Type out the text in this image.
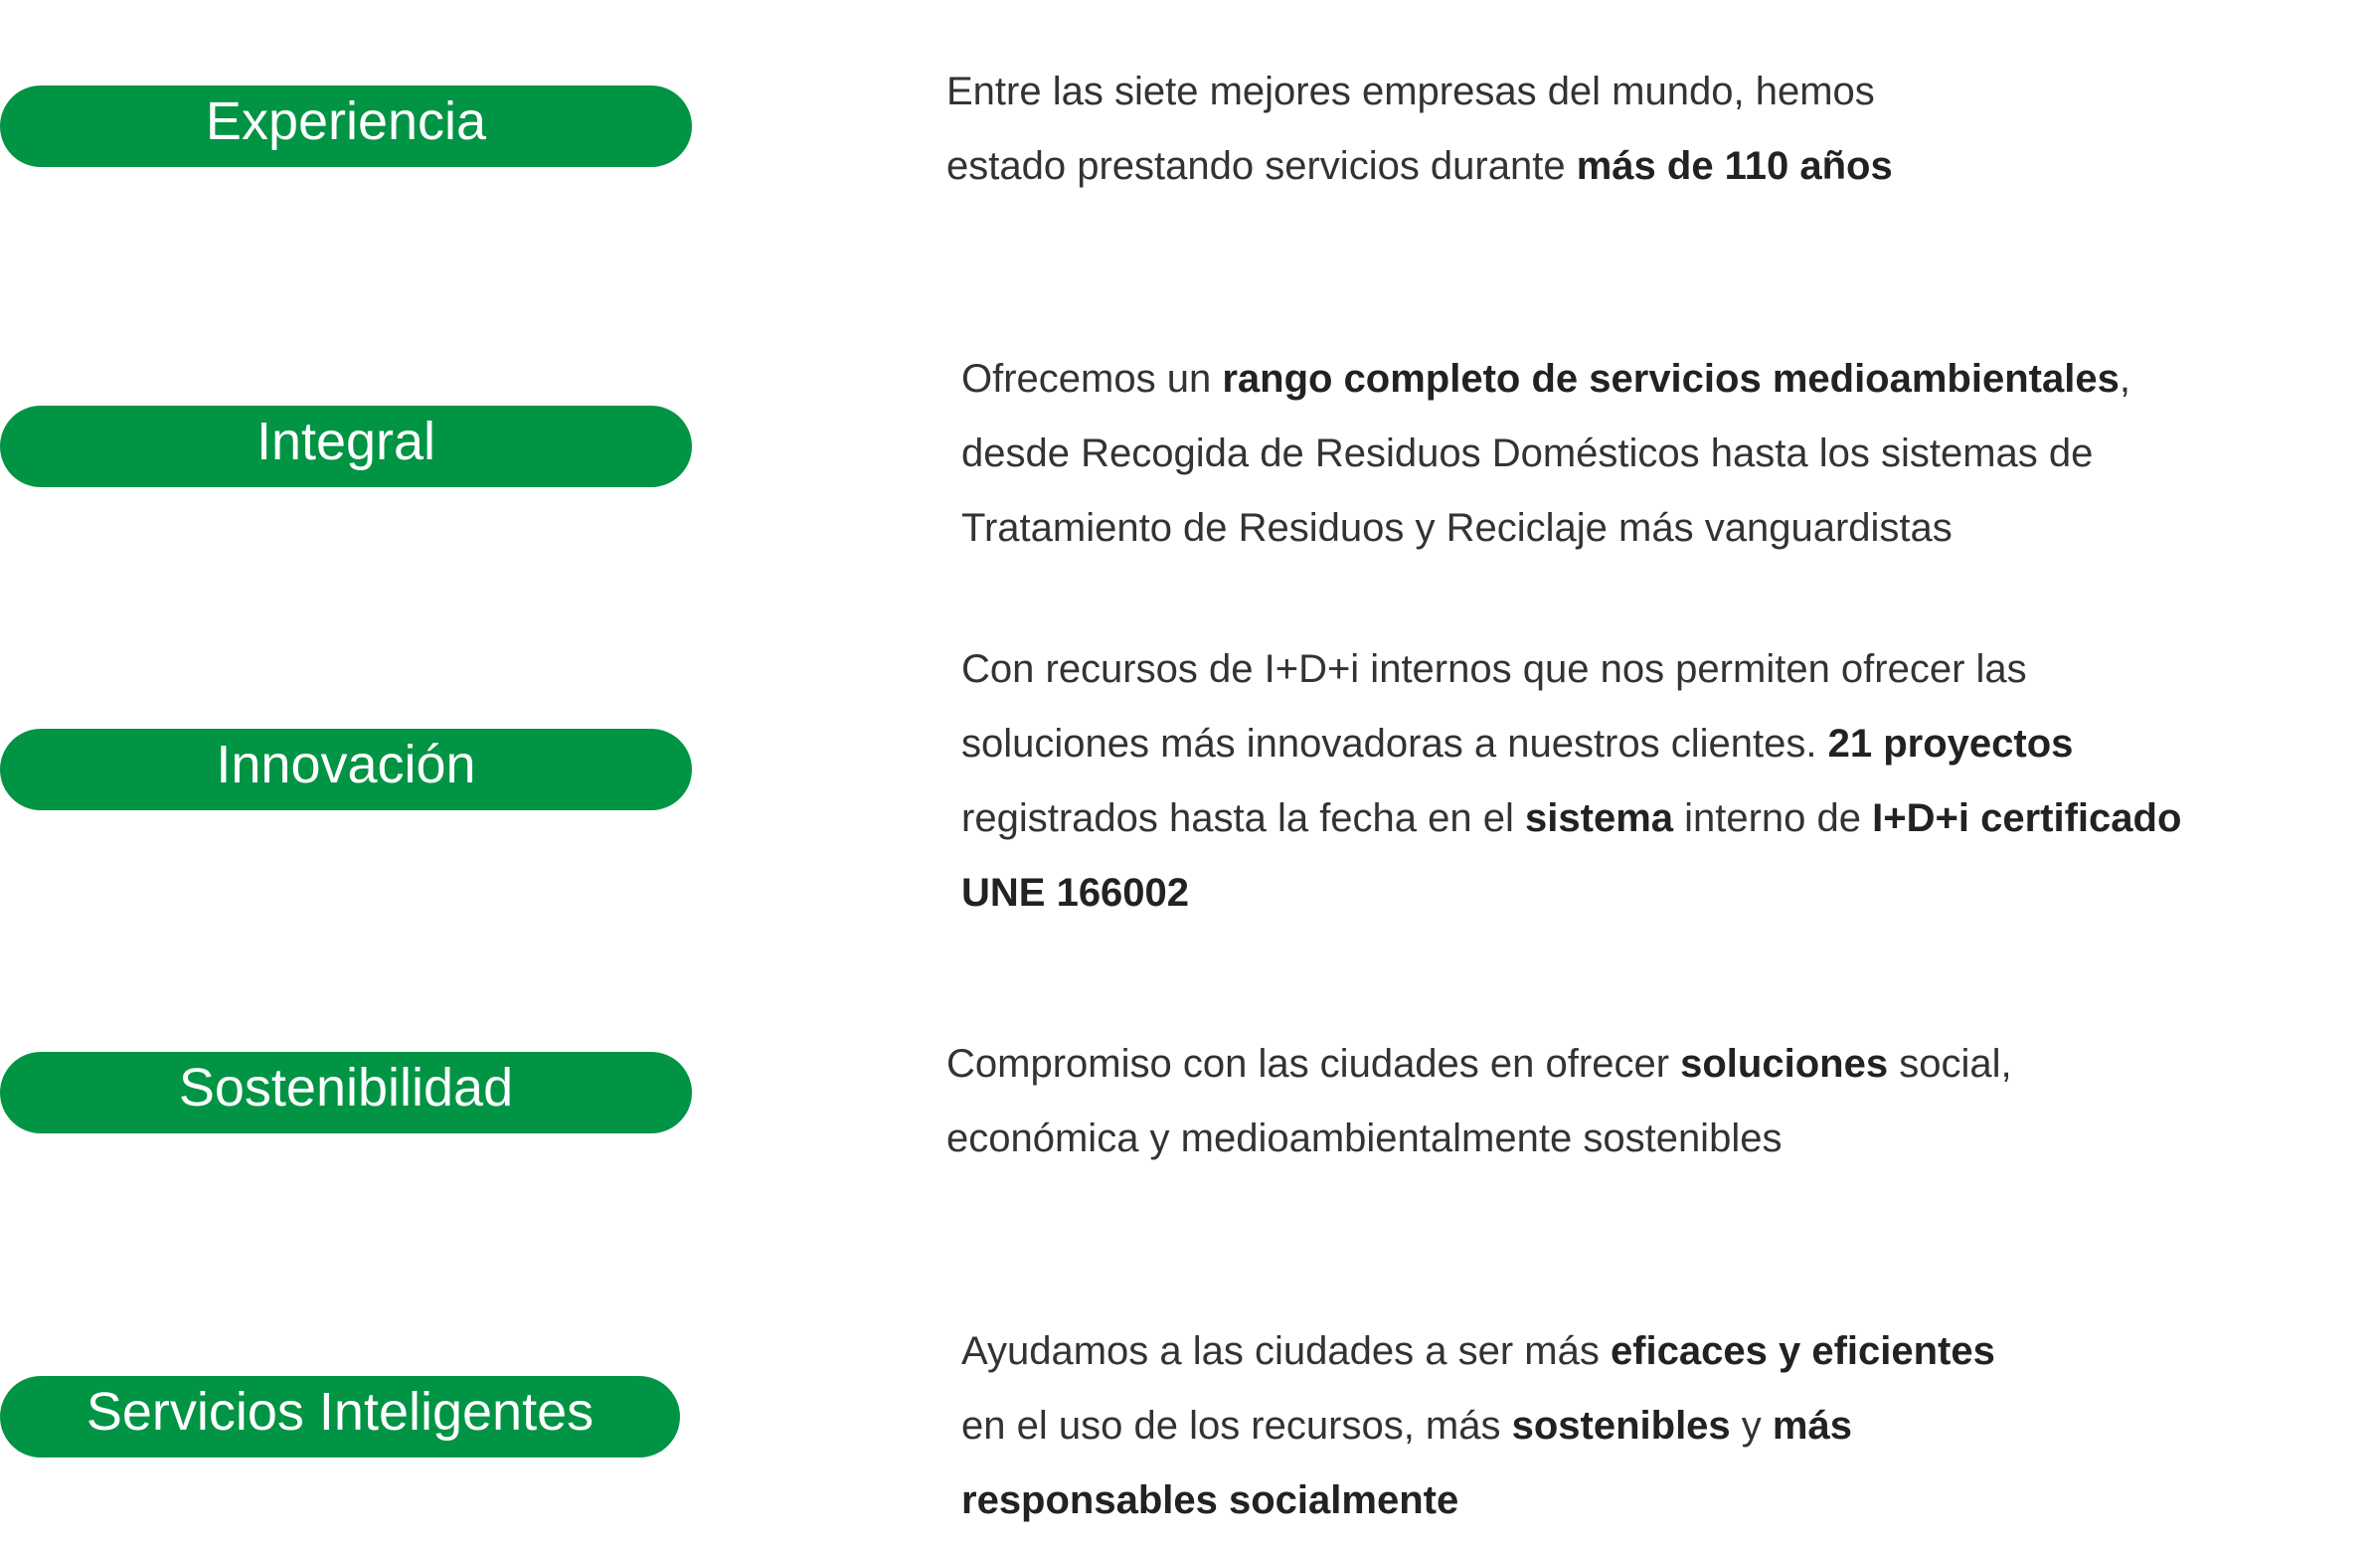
Experiencia	Entre las siete mejores empresas del mundo, hemos
estado prestando servicios durante más de 110 años
Integral
Ofrecemos un rango completo de servicios medioambientales,
desde Recogida de Residuos Domésticos hasta los sistemas de
Tratamiento de Residuos y Reciclaje más vanguardistas
Innovación
Con recursos de I+D+i internos que nos permiten ofrecer las
soluciones más innovadoras a nuestros clientes. 21 proyectos
registrados hasta la fecha en el sistema interno de I+D+i certificado
UNE 166002
Sostenibilidad	Compromiso con las ciudades en ofrecer soluciones social,
económica y medioambientalmente sostenibles
Servicios Inteligentes
Ayudamos a las ciudades a ser más eficaces y eficientes
en el uso de los recursos, más sostenibles y más
responsables socialmente
